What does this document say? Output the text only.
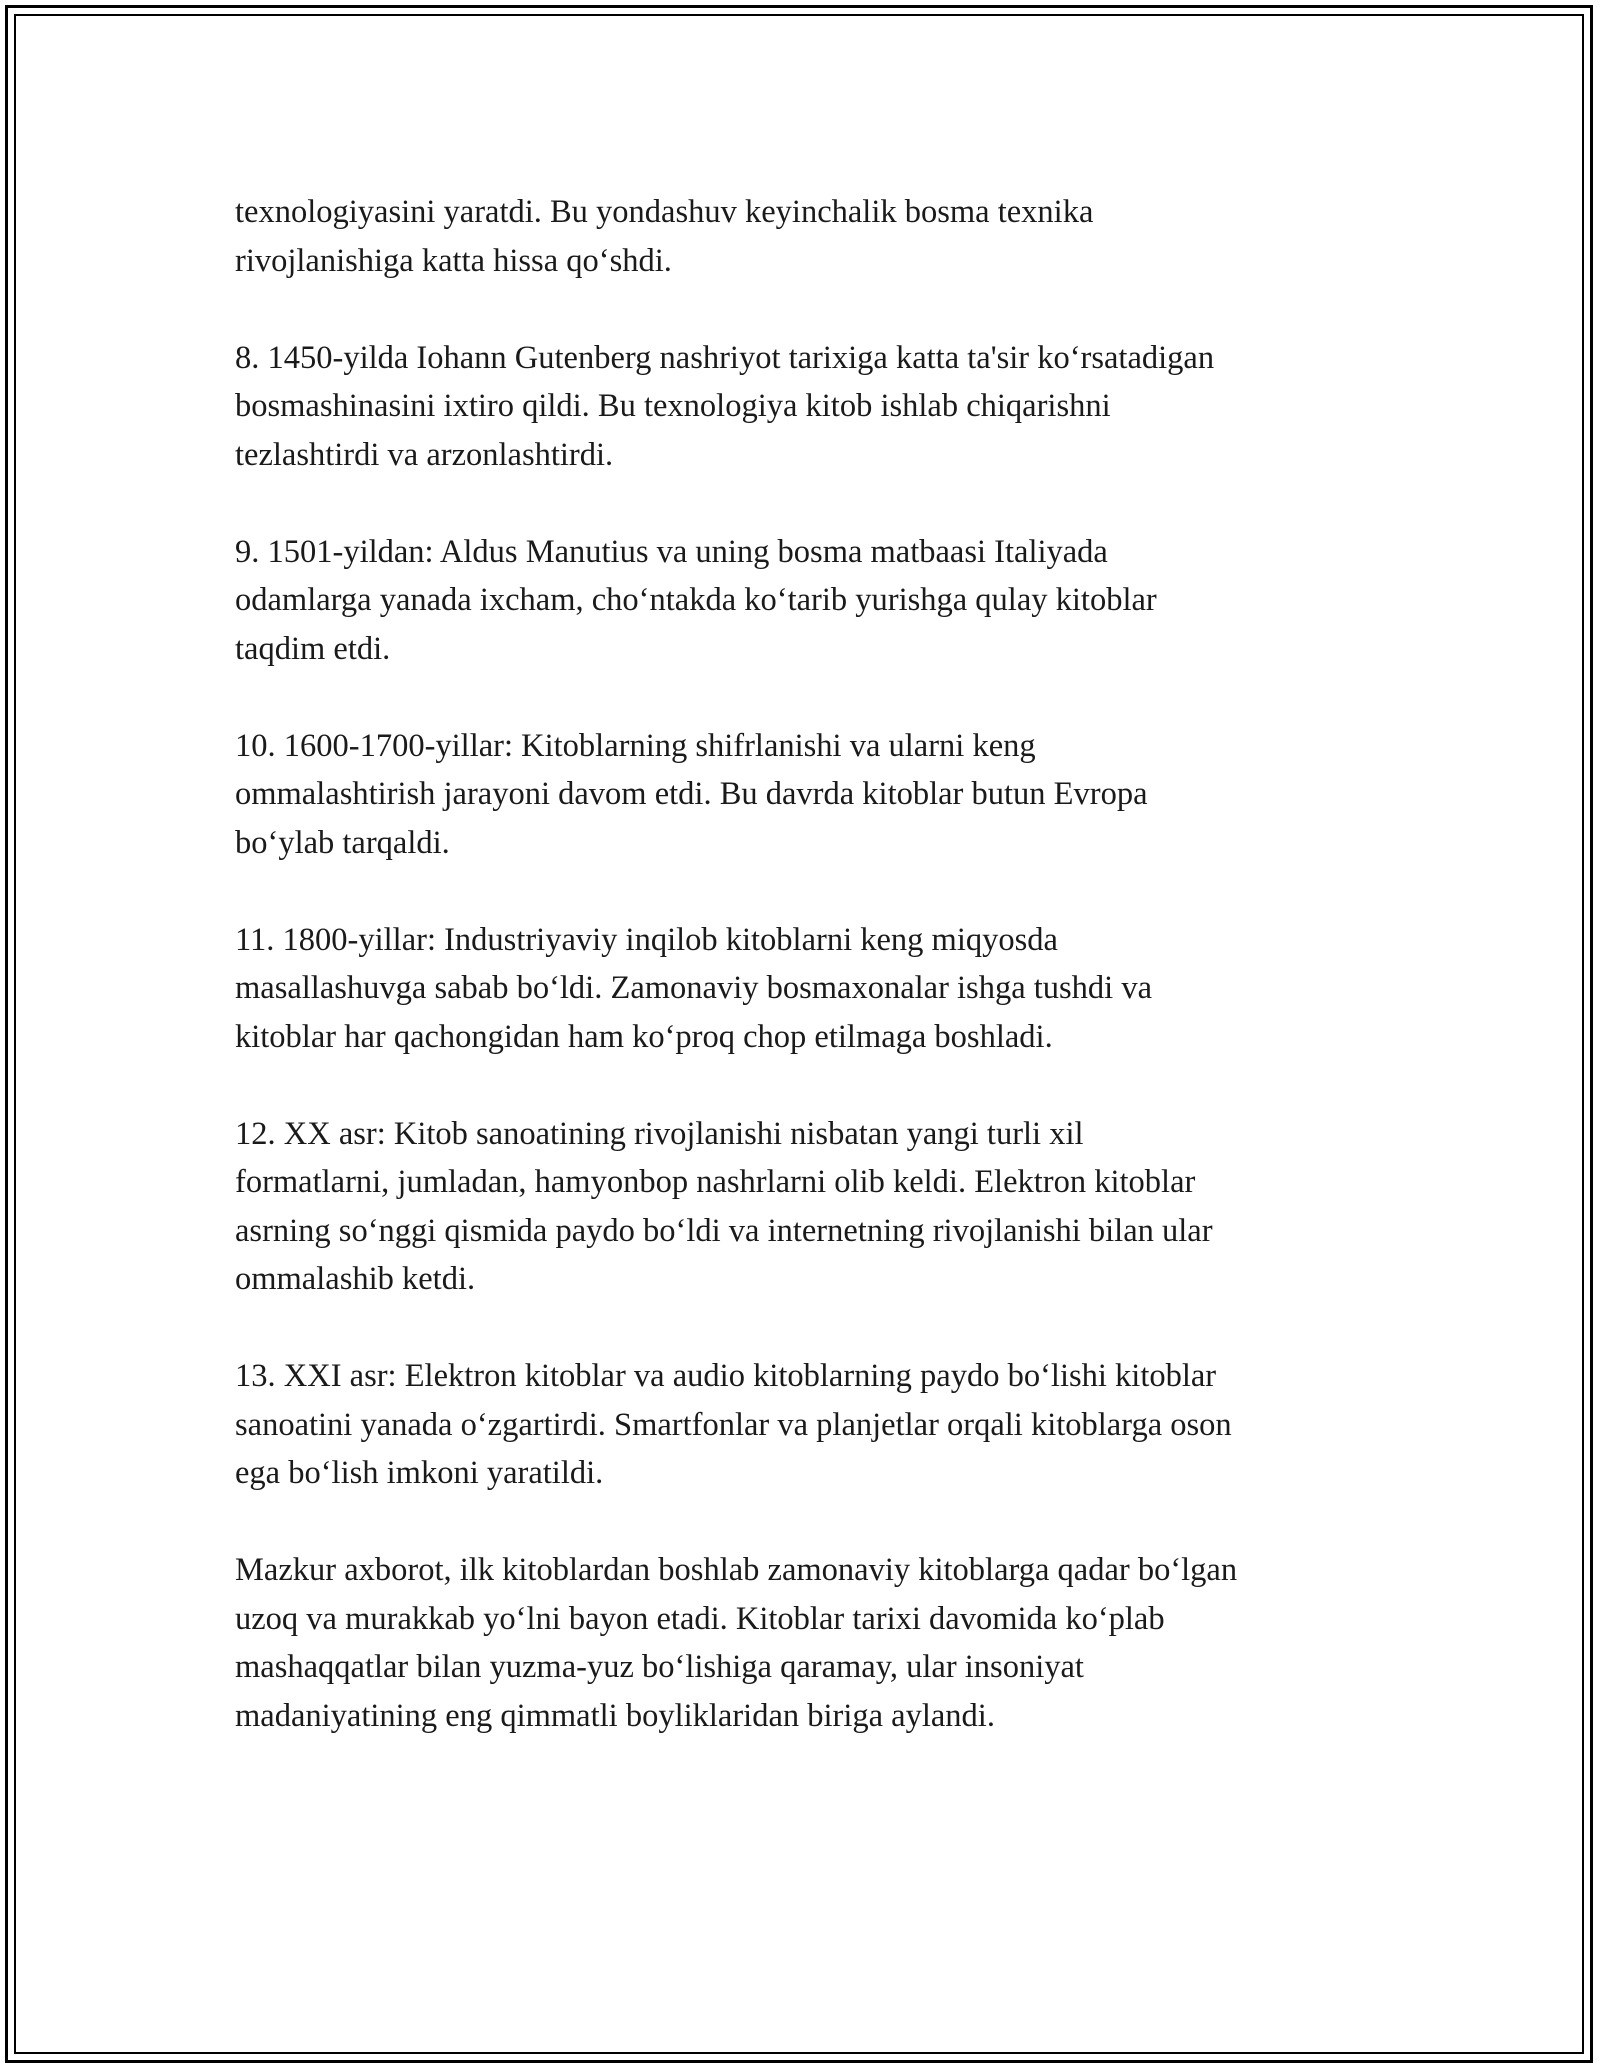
texnologiyasini yaratdi. Bu yondashuv keyinchalik bosma texnika
rivojlanishiga katta hissa qo‘shdi.

8. 1450-yilda Iohann Gutenberg nashriyot tarixiga katta ta'sir ko‘rsatadigan
bosmashinasini ixtiro qildi. Bu texnologiya kitob ishlab chiqarishni
tezlashtirdi va arzonlashtirdi.

9. 1501-yildan: Aldus Manutius va uning bosma matbaasi Italiyada
odamlarga yanada ixcham, cho‘ntakda ko‘tarib yurishga qulay kitoblar
taqdim etdi.

10. 1600-1700-yillar: Kitoblarning shifrlanishi va ularni keng
ommalashtirish jarayoni davom etdi. Bu davrda kitoblar butun Evropa
bo‘ylab tarqaldi.

11. 1800-yillar: Industriyaviy inqilob kitoblarni keng miqyosda
masallashuvga sabab bo‘ldi. Zamonaviy bosmaxonalar ishga tushdi va
kitoblar har qachongidan ham ko‘proq chop etilmaga boshladi.

12. XX asr: Kitob sanoatining rivojlanishi nisbatan yangi turli xil
formatlarni, jumladan, hamyonbop nashrlarni olib keldi. Elektron kitoblar
asrning so‘nggi qismida paydo bo‘ldi va internetning rivojlanishi bilan ular
ommalashib ketdi.

13. XXI asr: Elektron kitoblar va audio kitoblarning paydo bo‘lishi kitoblar
sanoatini yanada o‘zgartirdi. Smartfonlar va planjetlar orqali kitoblarga oson
ega bo‘lish imkoni yaratildi.

Mazkur axborot, ilk kitoblardan boshlab zamonaviy kitoblarga qadar bo‘lgan
uzoq va murakkab yo‘lni bayon etadi. Kitoblar tarixi davomida ko‘plab
mashaqqatlar bilan yuzma-yuz bo‘lishiga qaramay, ular insoniyat
madaniyatining eng qimmatli boyliklaridan biriga aylandi.
